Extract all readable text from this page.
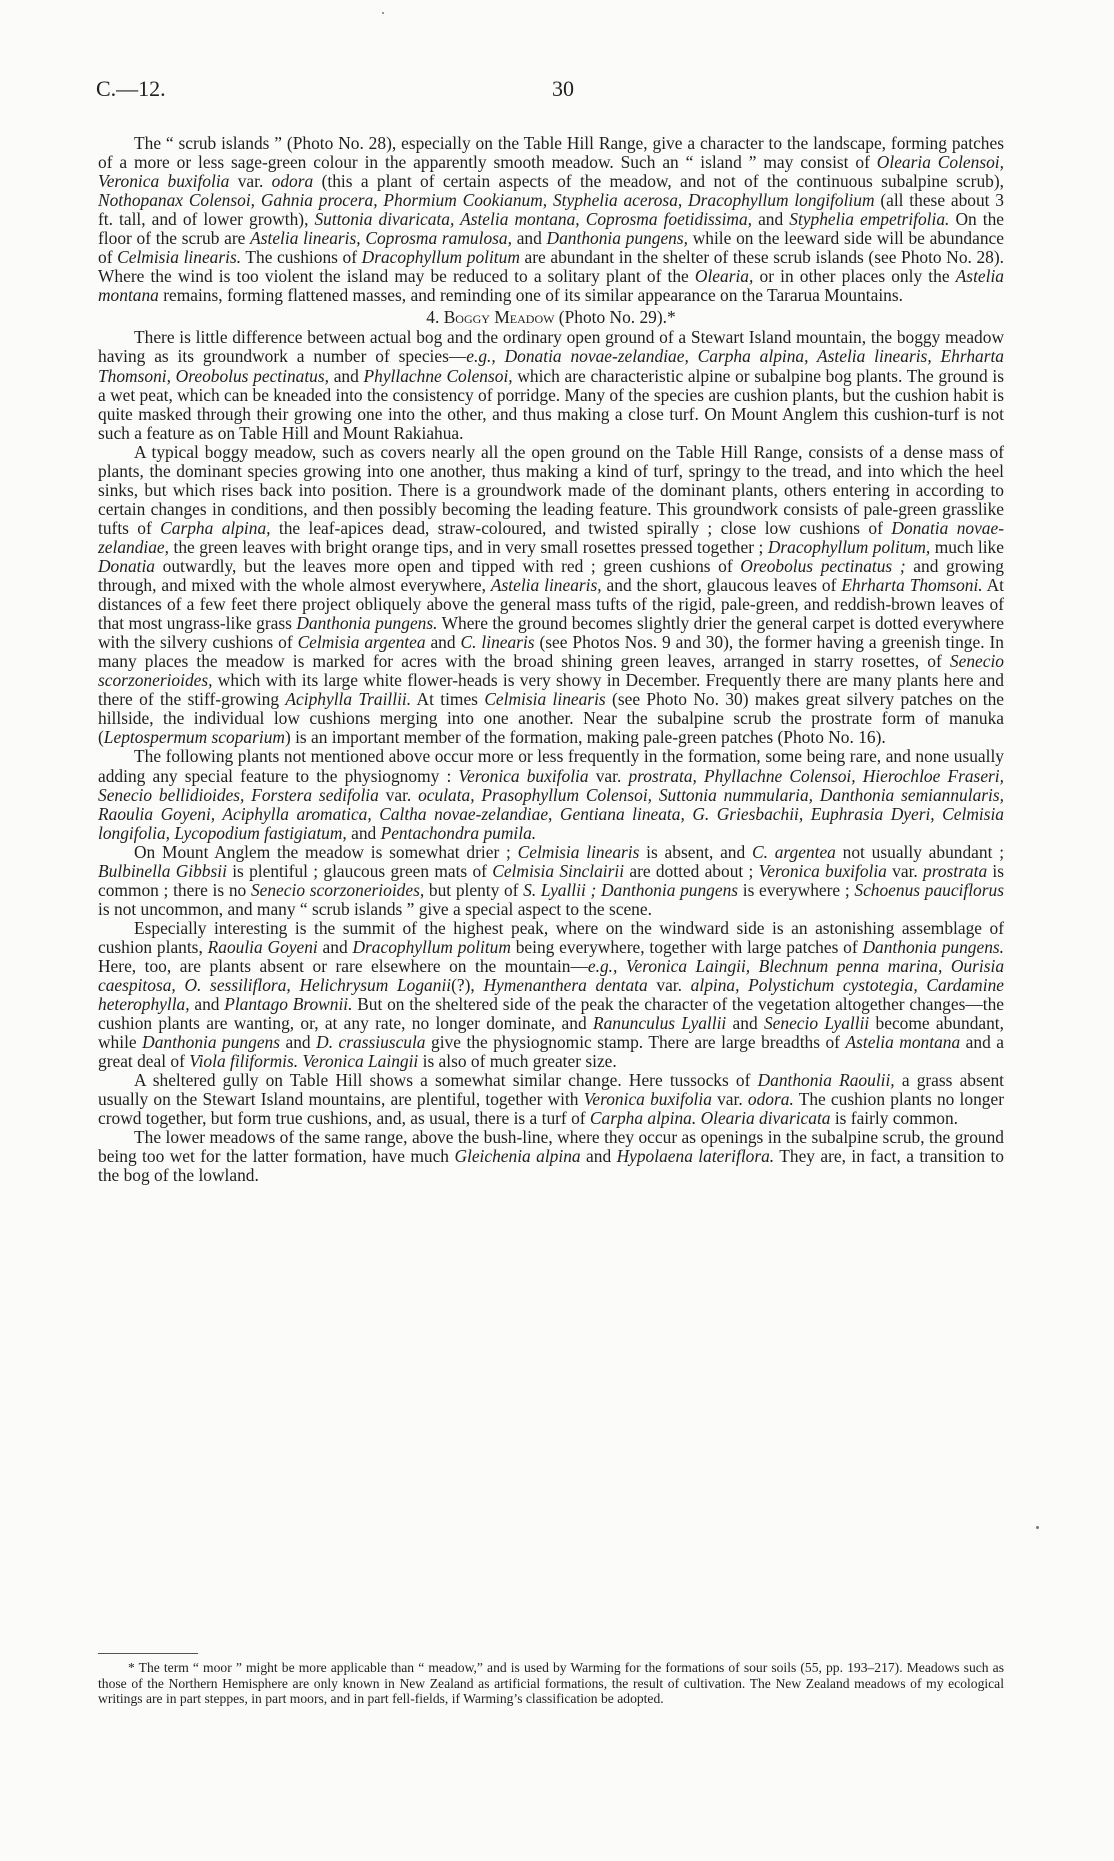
C.—12.	30

The “ scrub islands ” (Photo No. 28), especially on the Table Hill Range, give a character to the landscape, forming patches of a more or less sage-green colour in the apparently smooth meadow. Such an “ island ” may consist of Olearia Colensoi, Veronica buxifolia var. odora (this a plant of certain aspects of the meadow, and not of the continuous subalpine scrub), Nothopanax Colensoi, Gahnia procera, Phormium Cookianum, Styphelia acerosa, Dracophyllum longifolium (all these about 3 ft. tall, and of lower growth), Suttonia divaricata, Astelia montana, Coprosma foetidissima, and Styphelia empetrifolia. On the floor of the scrub are Astelia linearis, Coprosma ramulosa, and Danthonia pungens, while on the leeward side will be abundance of Celmisia linearis. The cushions of Dracophyllum politum are abundant in the shelter of these scrub islands (see Photo No. 28). Where the wind is too violent the island may be reduced to a solitary plant of the Olearia, or in other places only the Astelia montana remains, forming flattened masses, and reminding one of its similar appearance on the Tararua Mountains.

4. Boggy Meadow (Photo No. 29).*

There is little difference between actual bog and the ordinary open ground of a Stewart Island mountain, the boggy meadow having as its groundwork a number of species—e.g., Donatia novae-zelandiae, Carpha alpina, Astelia linearis, Ehrharta Thomsoni, Oreobolus pectinatus, and Phyllachne Colensoi, which are characteristic alpine or subalpine bog plants. The ground is a wet peat, which can be kneaded into the consistency of porridge. Many of the species are cushion plants, but the cushion habit is quite masked through their growing one into the other, and thus making a close turf. On Mount Anglem this cushion-turf is not such a feature as on Table Hill and Mount Rakiahua.

A typical boggy meadow, such as covers nearly all the open ground on the Table Hill Range, consists of a dense mass of plants, the dominant species growing into one another, thus making a kind of turf, springy to the tread, and into which the heel sinks, but which rises back into position. There is a groundwork made of the dominant plants, others entering in according to certain changes in conditions, and then possibly becoming the leading feature. This groundwork consists of pale-green grasslike tufts of Carpha alpina, the leaf-apices dead, straw-coloured, and twisted spirally ; close low cushions of Donatia novae-zelandiae, the green leaves with bright orange tips, and in very small rosettes pressed together ; Dracophyllum politum, much like Donatia outwardly, but the leaves more open and tipped with red ; green cushions of Oreobolus pectinatus ; and growing through, and mixed with the whole almost everywhere, Astelia linearis, and the short, glaucous leaves of Ehrharta Thomsoni. At distances of a few feet there project obliquely above the general mass tufts of the rigid, pale-green, and reddish-brown leaves of that most ungrass-like grass Danthonia pungens. Where the ground becomes slightly drier the general carpet is dotted everywhere with the silvery cushions of Celmisia argentea and C. linearis (see Photos Nos. 9 and 30), the former having a greenish tinge. In many places the meadow is marked for acres with the broad shining green leaves, arranged in starry rosettes, of Senecio scorzonerioides, which with its large white flower-heads is very showy in December. Frequently there are many plants here and there of the stiff-growing Aciphylla Traillii. At times Celmisia linearis (see Photo No. 30) makes great silvery patches on the hillside, the individual low cushions merging into one another. Near the subalpine scrub the prostrate form of manuka (Leptospermum scoparium) is an important member of the formation, making pale-green patches (Photo No. 16).

The following plants not mentioned above occur more or less frequently in the formation, some being rare, and none usually adding any special feature to the physiognomy : Veronica buxifolia var. prostrata, Phyllachne Colensoi, Hierochloe Fraseri, Senecio bellidioides, Forstera sedifolia var. oculata, Prasophyllum Colensoi, Suttonia nummularia, Danthonia semiannularis, Raoulia Goyeni, Aciphylla aromatica, Caltha novae-zelandiae, Gentiana lineata, G. Griesbachii, Euphrasia Dyeri, Celmisia longifolia, Lycopodium fastigiatum, and Pentachondra pumila.

On Mount Anglem the meadow is somewhat drier ; Celmisia linearis is absent, and C. argentea not usually abundant ; Bulbinella Gibbsii is plentiful ; glaucous green mats of Celmisia Sinclairii are dotted about ; Veronica buxifolia var. prostrata is common ; there is no Senecio scorzonerioides, but plenty of S. Lyallii ; Danthonia pungens is everywhere ; Schoenus pauciflorus is not uncommon, and many “ scrub islands ” give a special aspect to the scene.

Especially interesting is the summit of the highest peak, where on the windward side is an astonishing assemblage of cushion plants, Raoulia Goyeni and Dracophyllum politum being everywhere, together with large patches of Danthonia pungens. Here, too, are plants absent or rare elsewhere on the mountain—e.g., Veronica Laingii, Blechnum penna marina, Ourisia caespitosa, O. sessiliflora, Helichrysum Loganii(?), Hymenanthera dentata var. alpina, Polystichum cystotegia, Cardamine heterophylla, and Plantago Brownii. But on the sheltered side of the peak the character of the vegetation altogether changes—the cushion plants are wanting, or, at any rate, no longer dominate, and Ranunculus Lyallii and Senecio Lyallii become abundant, while Danthonia pungens and D. crassiuscula give the physiognomic stamp. There are large breadths of Astelia montana and a great deal of Viola filiformis. Veronica Laingii is also of much greater size.

A sheltered gully on Table Hill shows a somewhat similar change. Here tussocks of Danthonia Raoulii, a grass absent usually on the Stewart Island mountains, are plentiful, together with Veronica buxifolia var. odora. The cushion plants no longer crowd together, but form true cushions, and, as usual, there is a turf of Carpha alpina. Olearia divaricata is fairly common.

The lower meadows of the same range, above the bush-line, where they occur as openings in the subalpine scrub, the ground being too wet for the latter formation, have much Gleichenia alpina and Hypolaena lateriflora. They are, in fact, a transition to the bog of the lowland.

* The term “ moor ” might be more applicable than “ meadow,” and is used by Warming for the formations of sour soils (55, pp. 193–217). Meadows such as those of the Northern Hemisphere are only known in New Zealand as artificial formations, the result of cultivation. The New Zealand meadows of my ecological writings are in part steppes, in part moors, and in part fell-fields, if Warming’s classification be adopted.
